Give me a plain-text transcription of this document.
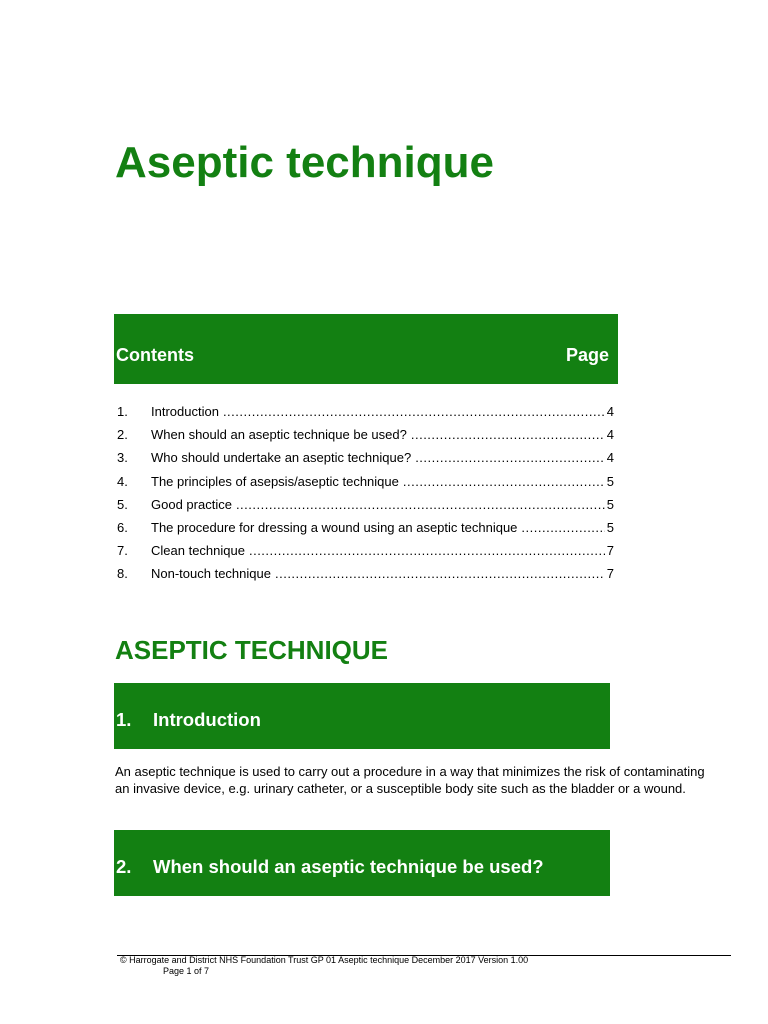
Aseptic technique
Contents	Page
1.	Introduction .....	4
2.	When should an aseptic technique be used? .....	4
3.	Who should undertake an aseptic technique? .....	4
4.	The principles of asepsis/aseptic technique .....	5
5.	Good practice .....	5
6.	The procedure for dressing a wound using an aseptic technique .....	5
7.	Clean technique .....	7
8.	Non-touch technique .....	7
ASEPTIC TECHNIQUE
1. Introduction

An aseptic technique is used to carry out a procedure in a way that minimizes the risk of contaminating an invasive device, e.g. urinary catheter, or a susceptible body site such as the bladder or a wound.

2. When should an aseptic technique be used?
© Harrogate and District NHS Foundation Trust GP 01 Aseptic technique December 2017 Version 1.00
Page 1 of 7
